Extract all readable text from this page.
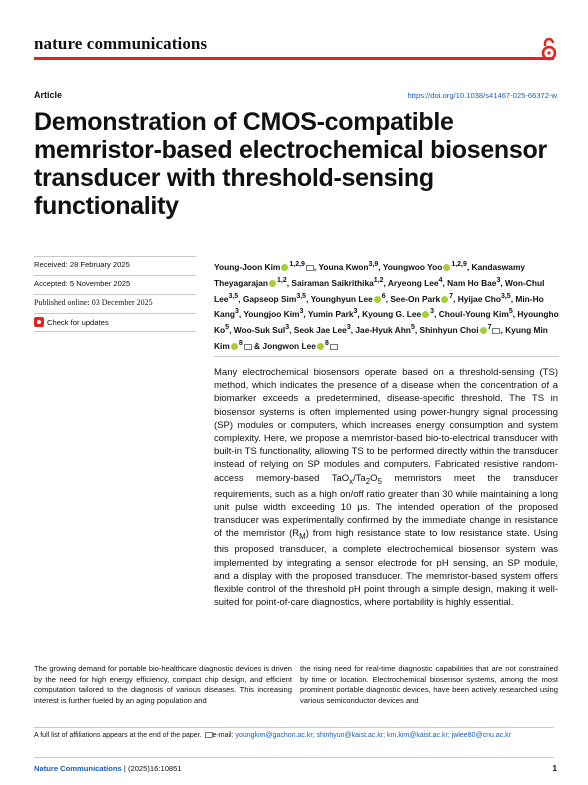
nature communications
Article	https://doi.org/10.1038/s41467-025-66372-w
Demonstration of CMOS-compatible memristor-based electrochemical biosensor transducer with threshold-sensing functionality
Received: 28 February 2025
Accepted: 5 November 2025
Published online: 03 December 2025
Check for updates
Young-Joon Kim $^{1,2,9}$ , Youna Kwon$^{3,9}$, Youngwoo Yoo $^{1,2,9}$, Kandaswamy Theyagarajan $^{1,2}$, Sairaman Saikrithika$^{1,2}$, Aryeong Lee$^4$, Nam Ho Bae$^3$, Won-Chul Lee$^{3,5}$, Gapseop Sim$^{3,5}$, Younghyun Lee $^6$, See-On Park $^7$, Hyijae Cho$^{3,5}$, Min-Ho Kang$^3$, Youngjoo Kim$^3$, Yumin Park$^3$, Kyoung G. Lee $^3$, Choul-Young Kim$^5$, Hyoungho Ko$^5$, Woo-Suk Sul$^3$, Seok Jae Lee$^3$, Jae-Hyuk Ahn$^5$, Shinhyun Choi $^7$ , Kyung Min Kim $^8$ & Jongwon Lee $^8$

Many electrochemical biosensors operate based on a threshold-sensing (TS) method, which indicates the presence of a disease when the concentration of a biomarker exceeds a predetermined, disease-specific threshold. The TS in biosensor systems is often implemented using power-hungry signal processing (SP) modules or computers, which increases energy consumption and system complexity. Here, we propose a memristor-based bio-to-electrical transducer with built-in TS functionality, allowing TS to be performed directly within the transducer instead of relying on SP modules and computers. Fabricated resistive random-access memory-based $TaO_x/Ta_2O_5$ memristors meet the transducer requirements, such as a high on/off ratio greater than 30 while maintaining a long unit pulse width exceeding 10 μs. The intended operation of the proposed transducer was experimentally confirmed by the immediate change in resistance of the memristor $(R_M)$ from high resistance state to low resistance state. Using this proposed transducer, a complete electrochemical biosensor system was implemented by integrating a sensor electrode for pH sensing, an SP module, and a display with the proposed transducer. The memristor-based system offers flexible control of the threshold pH point through a simple design, making it well-suited for point-of-care diagnostics, where portability is highly essential.

The growing demand for portable bio-healthcare diagnostic devices is driven by the need for high energy efficiency, compact chip design, and efficient computation tailored to the diagnosis of various diseases. This increasing interest is further fueled by an aging population and

the rising need for real-time diagnostic capabilities that are not constrained by time or location. Electrochemical biosensor systems, among the most prominent portable diagnostic devices, have been actively researched using various semiconductor devices and

A full list of affiliations appears at the end of the paper. e-mail: youngkim@gachon.ac.kr; shinhyun@kaist.ac.kr; km.kim@kaist.ac.kr; jwlee80@cnu.ac.kr
Nature Communications | (2025)16:10851	1
